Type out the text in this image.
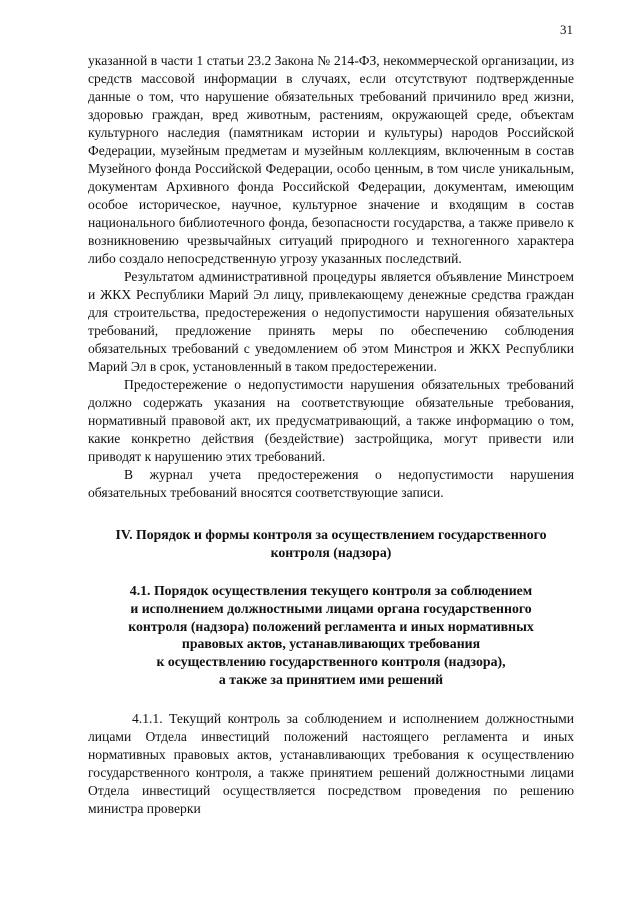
31

указанной в части 1 статьи 23.2 Закона № 214-ФЗ, некоммерческой организации, из средств массовой информации в случаях, если отсутствуют подтвержденные данные о том, что нарушение обязательных требований причинило вред жизни, здоровью граждан, вред животным, растениям, окружающей среде, объектам культурного наследия (памятникам истории и культуры) народов Российской Федерации, музейным предметам и музейным коллекциям, включенным в состав Музейного фонда Российской Федерации, особо ценным, в том числе уникальным, документам Архивного фонда Российской Федерации, документам, имеющим особое историческое, научное, культурное значение и входящим в состав национального библиотечного фонда, безопасности государства, а также привело к возникновению чрезвычайных ситуаций природного и техногенного характера либо создало непосредственную угрозу указанных последствий.

Результатом административной процедуры является объявление Минстроем и ЖКХ Республики Марий Эл лицу, привлекающему денежные средства граждан для строительства, предостережения о недопустимости нарушения обязательных требований, предложение принять меры по обеспечению соблюдения обязательных требований с уведомлением об этом Минстроя и ЖКХ Республики Марий Эл в срок, установленный в таком предостережении.

Предостережение о недопустимости нарушения обязательных требований должно содержать указания на соответствующие обязательные требования, нормативный правовой акт, их предусматривающий, а также информацию о том, какие конкретно действия (бездействие) застройщика, могут привести или приводят к нарушению этих требований.

В журнал учета предостережения о недопустимости нарушения обязательных требований вносятся соответствующие записи.

IV. Порядок и формы контроля за осуществлением государственного контроля (надзора)

4.1. Порядок осуществления текущего контроля за соблюдением
и исполнением должностными лицами органа государственного
контроля (надзора) положений регламента и иных нормативных
правовых актов, устанавливающих требования
к осуществлению государственного контроля (надзора),
а также за принятием ими решений

4.1.1. Текущий контроль за соблюдением и исполнением должностными лицами Отдела инвестиций положений настоящего регламента и иных нормативных правовых актов, устанавливающих требования к осуществлению государственного контроля, а также принятием решений должностными лицами Отдела инвестиций осуществляется посредством проведения по решению министра проверки
